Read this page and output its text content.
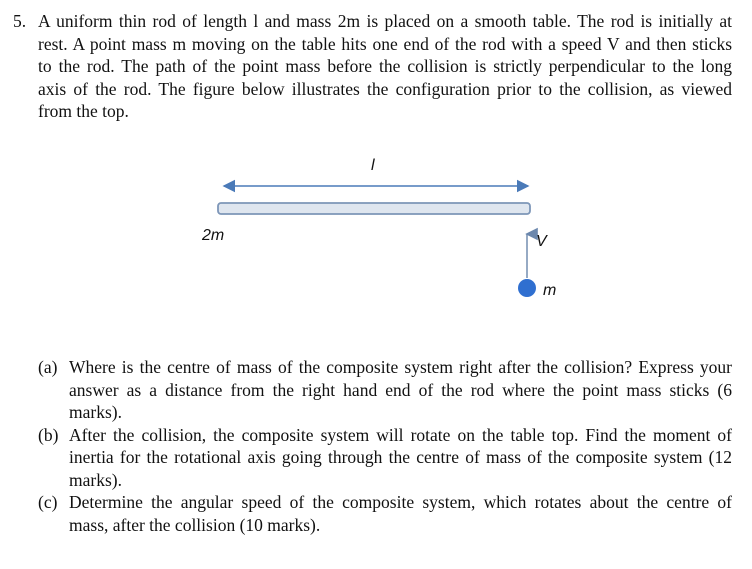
5. A uniform thin rod of length l and mass 2m is placed on a smooth table. The rod is initially at
rest. A point mass m moving on the table hits one end of the rod with a speed V and then sticks
to the rod. The path of the point mass before the collision is strictly perpendicular to the long
axis of the rod. The figure below illustrates the configuration prior to the collision, as viewed
from the top.
l
2m	V
m
(a) Where is the centre of mass of the composite system right after the collision? Express your
answer as a distance from the right hand end of the rod where the point mass sticks (6
marks).
(b) After the collision, the composite system will rotate on the table top. Find the moment of
inertia for the rotational axis going through the centre of mass of the composite system (12
marks).
(c) Determine the angular speed of the composite system, which rotates about the centre of
mass, after the collision (10 marks).
